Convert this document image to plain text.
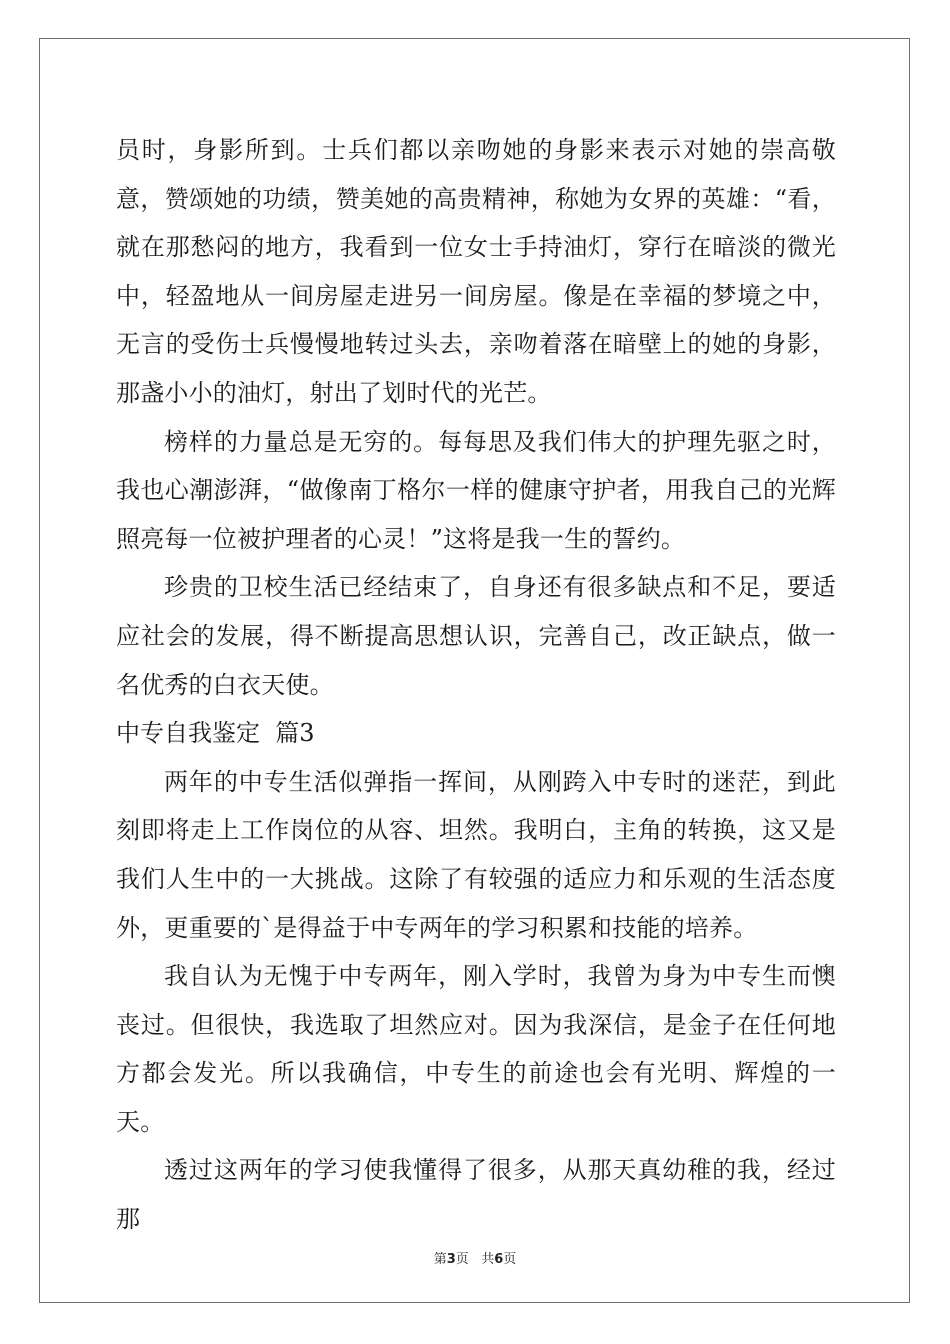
员时，身影所到。士兵们都以亲吻她的身影来表示对她的崇高敬意，赞颂她的功绩，赞美她的高贵精神，称她为女界的英雄：“看，就在那愁闷的地方，我看到一位女士手持油灯，穿行在暗淡的微光中，轻盈地从一间房屋走进另一间房屋。像是在幸福的梦境之中，无言的受伤士兵慢慢地转过头去，亲吻着落在暗壁上的她的身影，那盏小小的油灯，射出了划时代的光芒。

榜样的力量总是无穷的。每每思及我们伟大的护理先驱之时，我也心潮澎湃，“做像南丁格尔一样的健康守护者，用我自己的光辉照亮每一位被护理者的心灵！”这将是我一生的誓约。

珍贵的卫校生活已经结束了，自身还有很多缺点和不足，要适应社会的发展，得不断提高思想认识，完善自己，改正缺点，做一名优秀的白衣天使。

中专自我鉴定  篇3

两年的中专生活似弹指一挥间，从刚跨入中专时的迷茫，到此刻即将走上工作岗位的从容、坦然。我明白，主角的转换，这又是我们人生中的一大挑战。这除了有较强的适应力和乐观的生活态度外，更重要的`是得益于中专两年的学习积累和技能的培养。

我自认为无愧于中专两年，刚入学时，我曾为身为中专生而懊丧过。但很快，我选取了坦然应对。因为我深信，是金子在任何地方都会发光。所以我确信，中专生的前途也会有光明、辉煌的一天。

透过这两年的学习使我懂得了很多，从那天真幼稚的我，经过那

第3页 共6页
